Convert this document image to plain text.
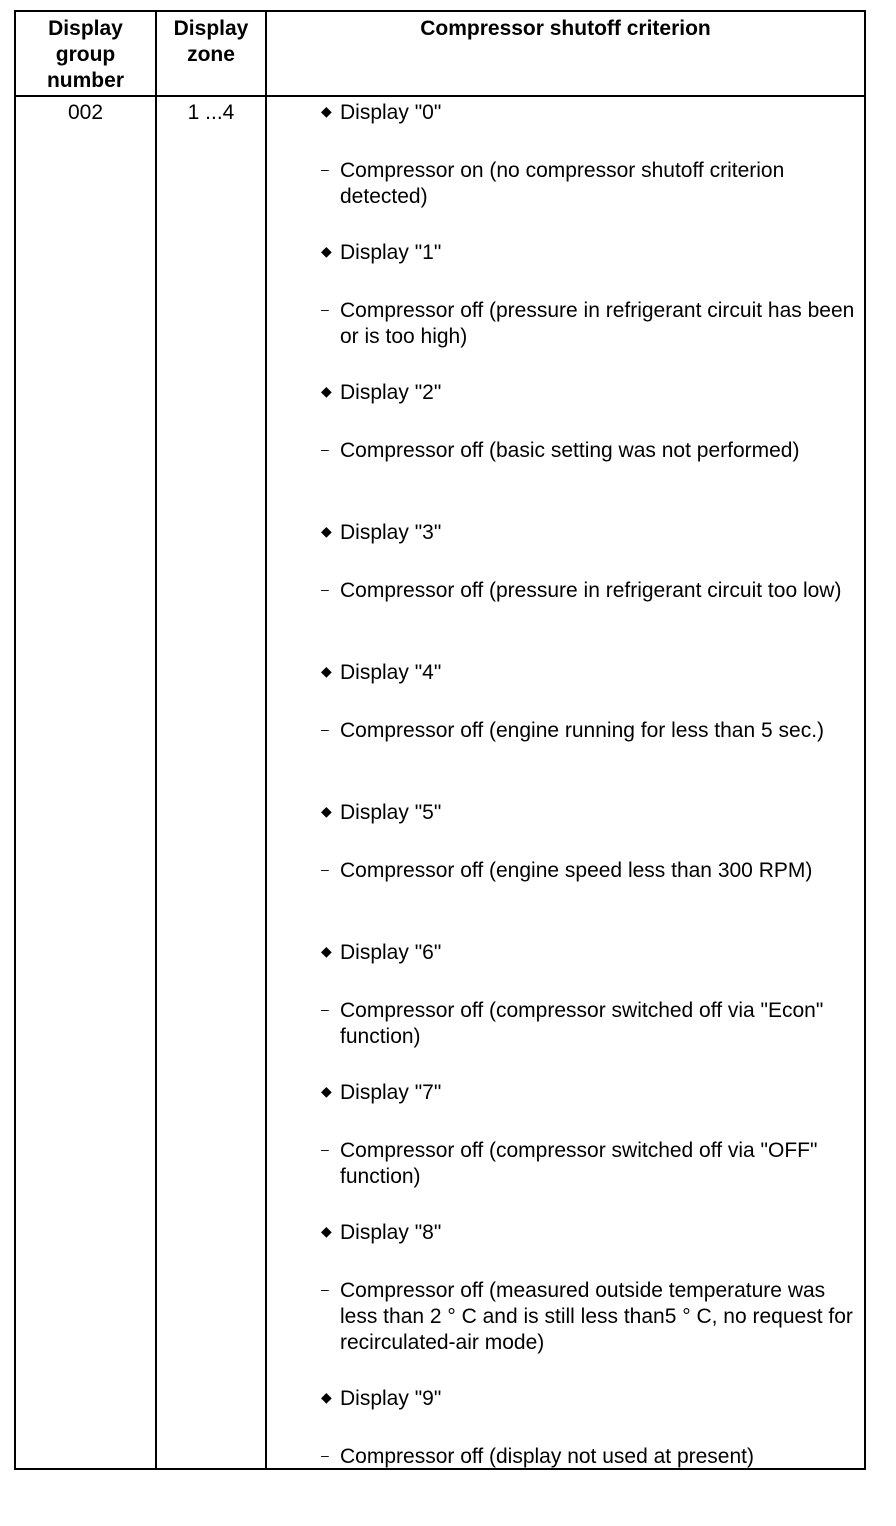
Display group number
Display zone
Compressor shutoff criterion
002	1 ...4	◆ Display "0"
– Compressor on (no compressor shutoff criterion detected)
◆ Display "1"
– Compressor off (pressure in refrigerant circuit has been or is too high)
◆ Display "2"
– Compressor off (basic setting was not performed)
◆ Display "3"
– Compressor off (pressure in refrigerant circuit too low)
◆ Display "4"
– Compressor off (engine running for less than 5 sec.)
◆ Display "5"
– Compressor off (engine speed less than 300 RPM)
◆ Display "6"
– Compressor off (compressor switched off via "Econ" function)
◆ Display "7"
– Compressor off (compressor switched off via "OFF" function)
◆ Display "8"
– Compressor off (measured outside temperature was less than 2 ° C and is still less than5 ° C, no request for recirculated-air mode)
◆ Display "9"
– Compressor off (display not used at present)
